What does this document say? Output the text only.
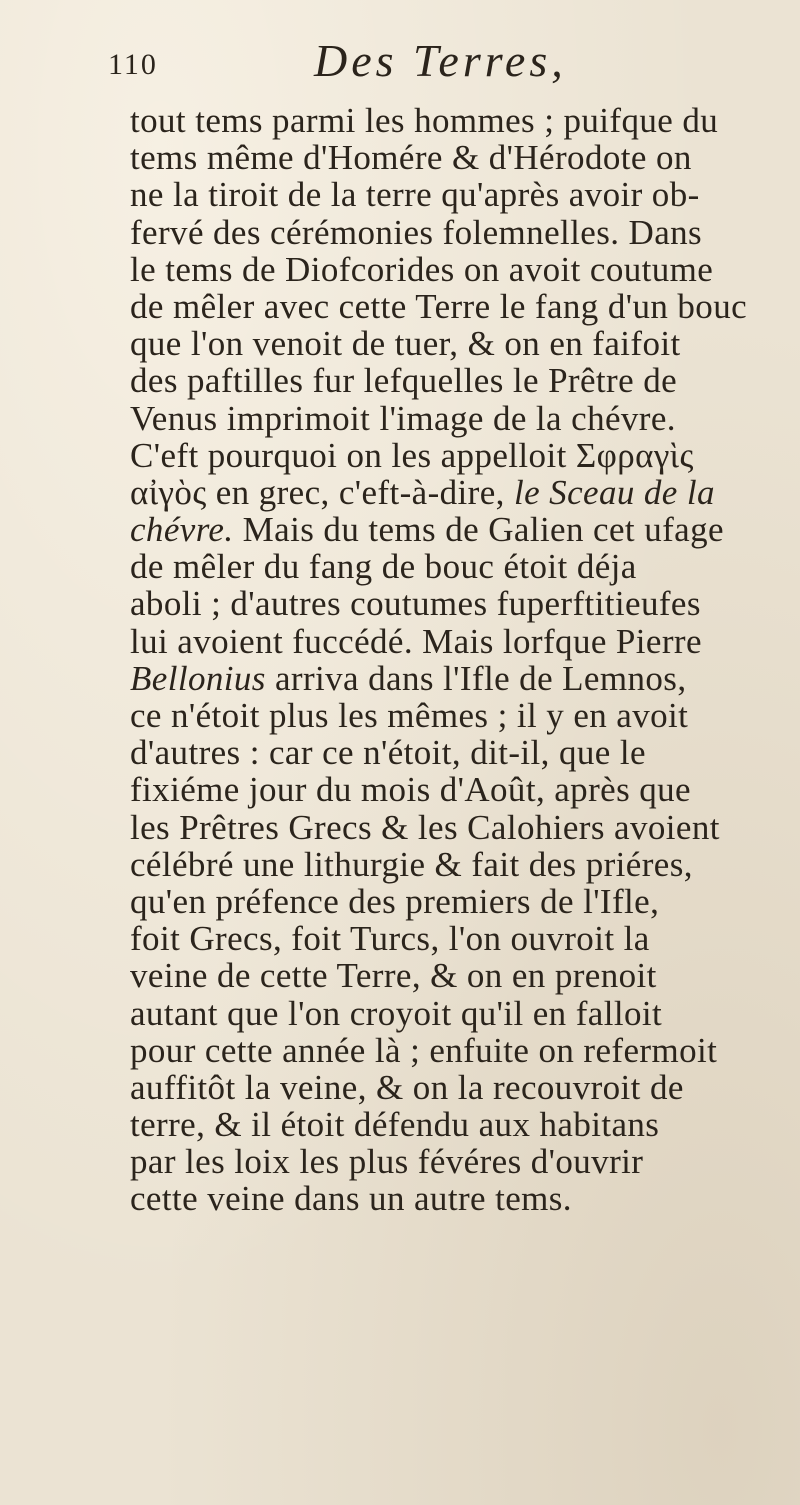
110	Des Terres,
tout tems parmi les hommes ; puifque du
tems même d'Homére & d'Hérodote on
ne la tiroit de la terre qu'après avoir ob-
fervé des cérémonies folemnelles. Dans
le tems de Diofcorides on avoit coutume
de mêler avec cette Terre le fang d'un bouc
que l'on venoit de tuer, & on en faifoit
des paftilles fur lefquelles le Prêtre de
Venus imprimoit l'image de la chévre.
C'eft pourquoi on les appelloit Σφραγὶς
αἰγὸς en grec, c'eft-à-dire, le Sceau de la
chévre. Mais du tems de Galien cet ufage
de mêler du fang de bouc étoit déja
aboli ; d'autres coutumes fuperftitieufes
lui avoient fuccédé. Mais lorfque Pierre
Bellonius arriva dans l'Ifle de Lemnos,
ce n'étoit plus les mêmes ; il y en avoit
d'autres : car ce n'étoit, dit-il, que le
fixiéme jour du mois d'Août, après que
les Prêtres Grecs & les Calohiers avoient
célébré une lithurgie & fait des priéres,
qu'en préfence des premiers de l'Ifle,
foit Grecs, foit Turcs, l'on ouvroit la
veine de cette Terre, & on en prenoit
autant que l'on croyoit qu'il en falloit
pour cette année là ; enfuite on refermoit
auffitôt la veine, & on la recouvroit de
terre, & il étoit défendu aux habitans
par les loix les plus févéres d'ouvrir
cette veine dans un autre tems.
